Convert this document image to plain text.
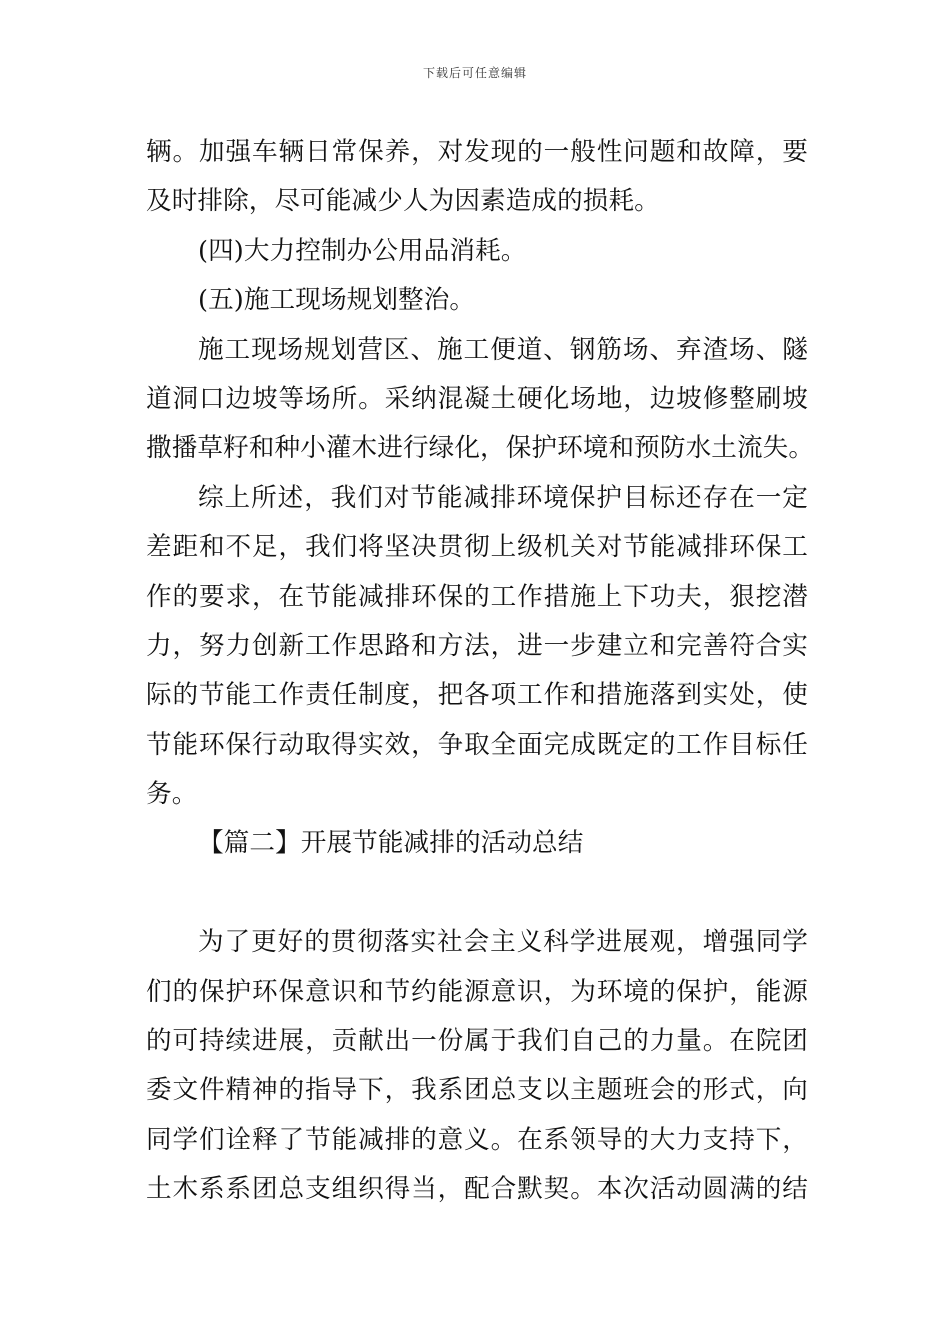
下载后可任意编辑
辆。加强车辆日常保养，对发现的一般性问题和故障，要
及时排除，尽可能减少人为因素造成的损耗。
(四)大力控制办公用品消耗。
(五)施工现场规划整治。
施工现场规划营区、施工便道、钢筋场、弃渣场、隧
道洞口边坡等场所。采纳混凝土硬化场地，边坡修整刷坡
撒播草籽和种小灌木进行绿化，保护环境和预防水土流失。
综上所述，我们对节能减排环境保护目标还存在一定
差距和不足，我们将坚决贯彻上级机关对节能减排环保工
作的要求，在节能减排环保的工作措施上下功夫，狠挖潜
力，努力创新工作思路和方法，进一步建立和完善符合实
际的节能工作责任制度，把各项工作和措施落到实处，使
节能环保行动取得实效，争取全面完成既定的工作目标任
务。
【篇二】开展节能减排的活动总结
为了更好的贯彻落实社会主义科学进展观，增强同学
们的保护环保意识和节约能源意识，为环境的保护，能源
的可持续进展，贡献出一份属于我们自己的力量。在院团
委文件精神的指导下，我系团总支以主题班会的形式，向
同学们诠释了节能减排的意义。在系领导的大力支持下，
土木系系团总支组织得当，配合默契。本次活动圆满的结
